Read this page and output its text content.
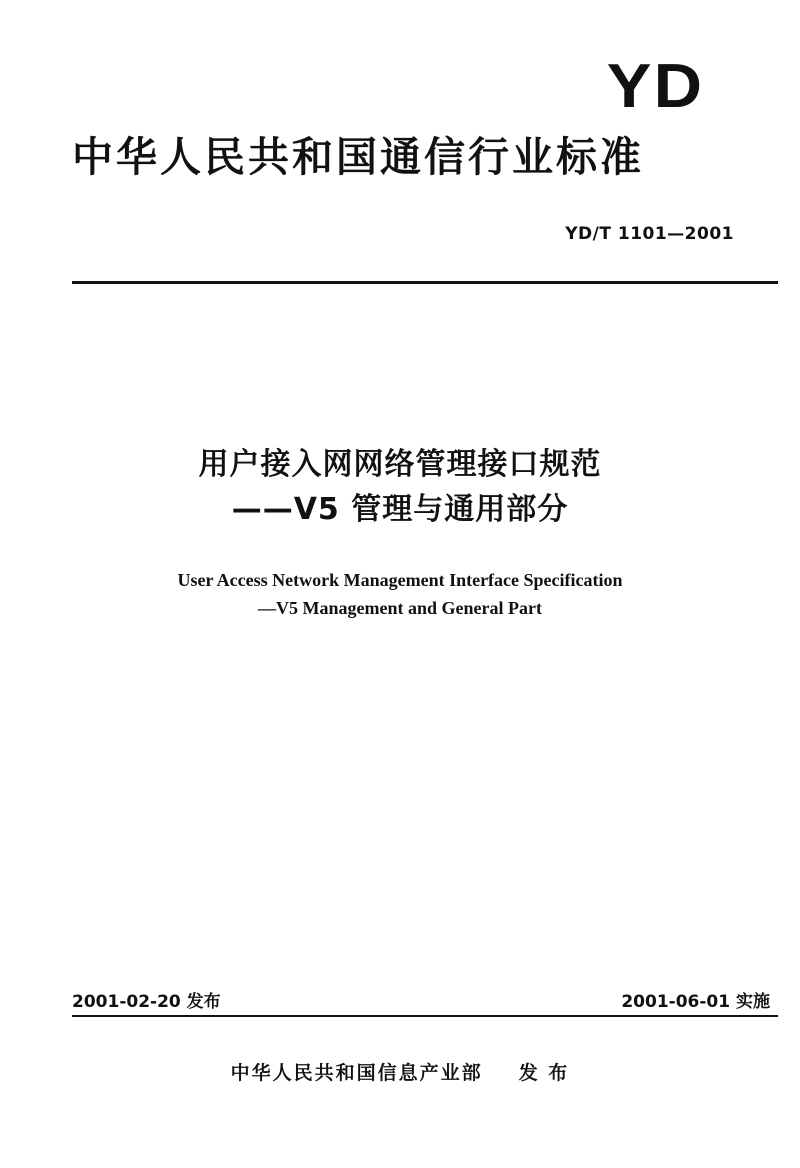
YD
中华人民共和国通信行业标准
YD/T 1101—2001
用户接入网网络管理接口规范
——V5 管理与通用部分
User Access Network Management Interface Specification
—V5 Management and General Part
2001-02-20 发布	2001-06-01 实施
中华人民共和国信息产业部 发 布
